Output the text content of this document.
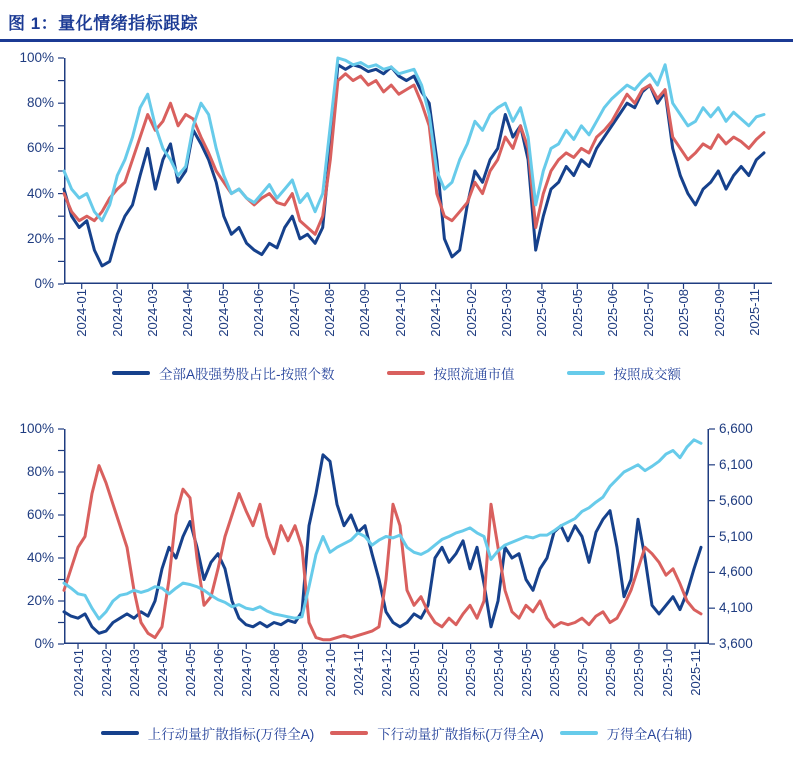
图 1：量化情绪指标跟踪
100%
80%
60%
40%
20%
0%
2024-01 2024-02 2024-03 2024-04 2024-05 2024-06 2024-07 2024-08 2024-09 2024-10 2024-12 2025-02 2025-03 2025-04 2025-05 2025-06 2025-07 2025-08 2025-09 2025-11
全部A股强势股占比-按照个数	按照流通市值	按照成交额
100%
80%
60%
40%
20%
0%
2024-01 2024-02 2024-03 2024-04 2024-05 2024-06 2024-07 2024-08 2024-09 2024-10 2024-11 2024-12 2025-01 2025-02 2025-03 2025-04 2025-05 2025-06 2025-07 2025-08 2025-09 2025-10 2025-11
6,600
6,100
5,600
5,100
4,600
4,100
3,600
上行动量扩散指标(万得全A)	下行动量扩散指标(万得全A)	万得全A(右轴)
